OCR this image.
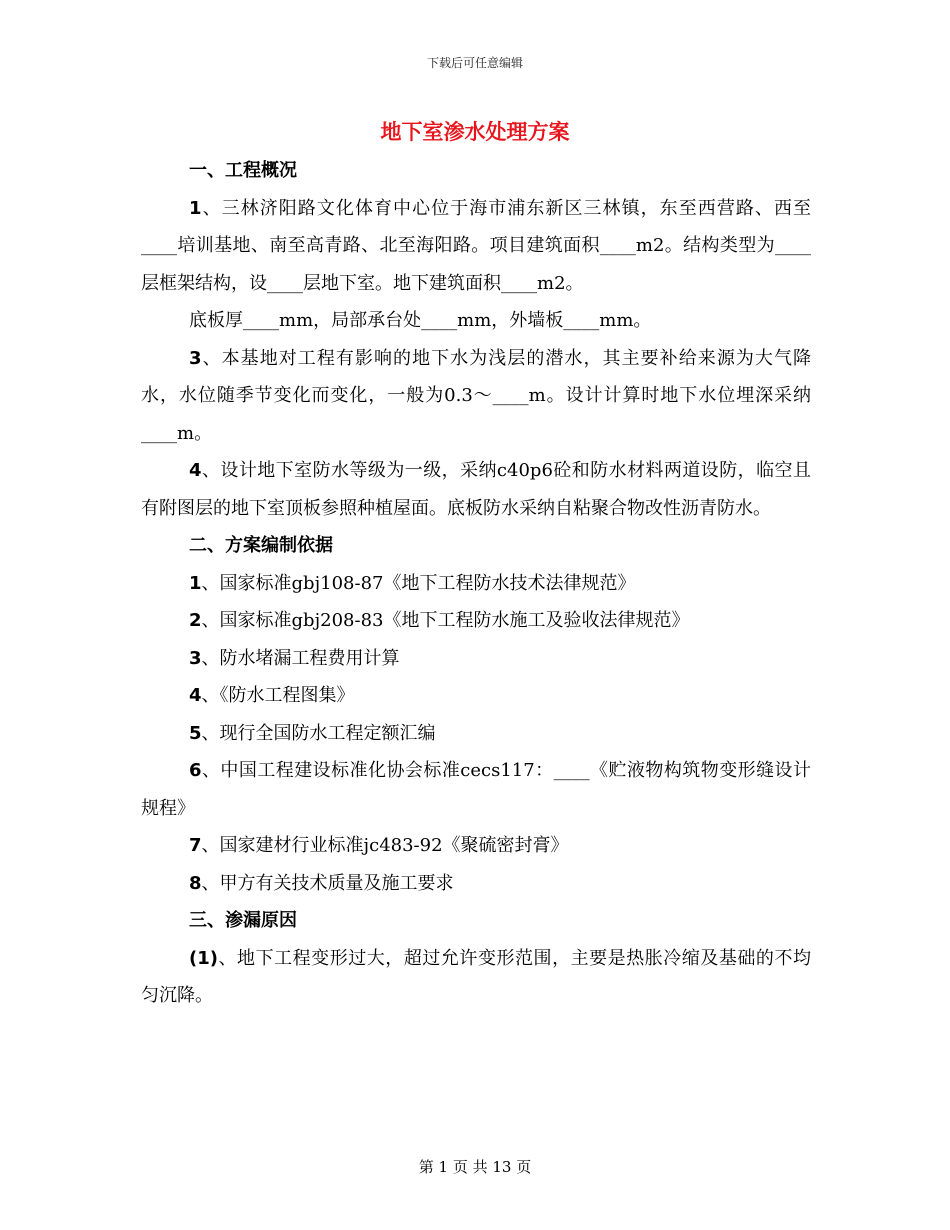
下载后可任意编辑
地下室渗水处理方案

一、工程概况

1、三林济阳路文化体育中心位于海市浦东新区三林镇，东至西营路、西至____培训基地、南至高青路、北至海阳路。项目建筑面积____m2。结构类型为____层框架结构，设____层地下室。地下建筑面积____m2。

底板厚____mm，局部承台处____mm，外墙板____mm。

3、本基地对工程有影响的地下水为浅层的潜水，其主要补给来源为大气降水，水位随季节变化而变化，一般为0.3～____m。设计计算时地下水位埋深采纳____m。

4、设计地下室防水等级为一级，采纳c40p6砼和防水材料两道设防，临空且有附图层的地下室顶板参照种植屋面。底板防水采纳自粘聚合物改性沥青防水。

二、方案编制依据

1、国家标准gbj108-87《地下工程防水技术法律规范》

2、国家标准gbj208-83《地下工程防水施工及验收法律规范》

3、防水堵漏工程费用计算

4、《防水工程图集》

5、现行全国防水工程定额汇编

6、中国工程建设标准化协会标准cecs117：____《贮液物构筑物变形缝设计规程》

7、国家建材行业标准jc483-92《聚硫密封膏》

8、甲方有关技术质量及施工要求

三、渗漏原因

(1)、地下工程变形过大，超过允许变形范围，主要是热胀冷缩及基础的不均匀沉降。

第 1 页 共 13 页
